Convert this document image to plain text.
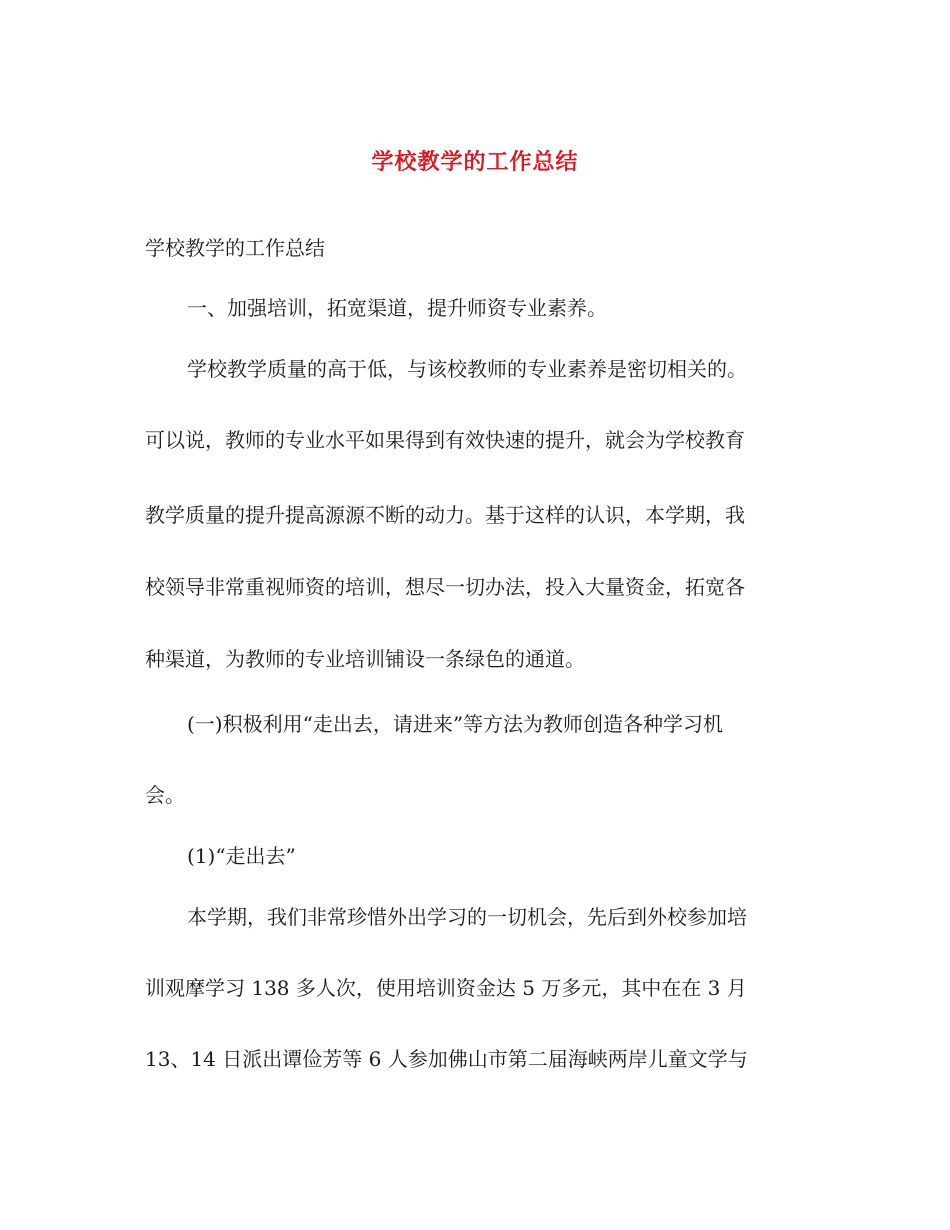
学校教学的工作总结
学校教学的工作总结
一、加强培训，拓宽渠道，提升师资专业素养。
学校教学质量的高于低，与该校教师的专业素养是密切相关的。
可以说，教师的专业水平如果得到有效快速的提升，就会为学校教育
教学质量的提升提高源源不断的动力。基于这样的认识，本学期，我
校领导非常重视师资的培训，想尽一切办法，投入大量资金，拓宽各
种渠道，为教师的专业培训铺设一条绿色的通道。
(一)积极利用“走出去，请进来”等方法为教师创造各种学习机
会。
(1)“走出去”
本学期，我们非常珍惜外出学习的一切机会，先后到外校参加培
训观摩学习 138 多人次，使用培训资金达 5 万多元，其中在在 3 月
13、14 日派出谭俭芳等 6 人参加佛山市第二届海峡两岸儿童文学与
